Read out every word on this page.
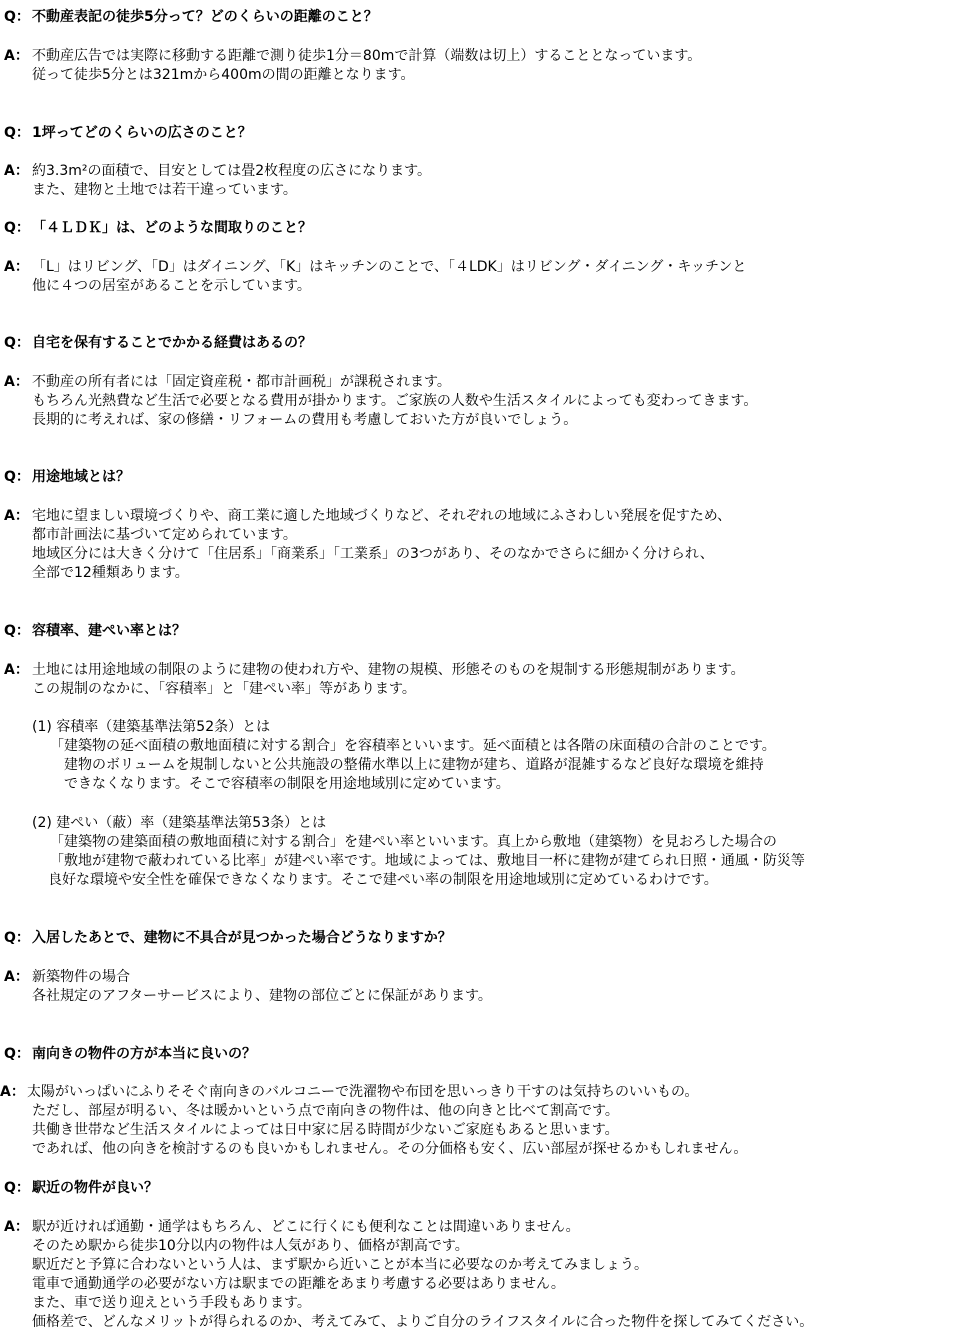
Q： 不動産表記の徒歩5分って？どのくらいの距離のこと？
A： 不動産広告では実際に移動する距離で測り徒歩1分＝80mで計算（端数は切上）することとなっています。
従って徒歩5分とは321mから400mの間の距離となります。
Q： 1坪ってどのくらいの広さのこと？
A： 約3.3m²の面積で、目安としては畳2枚程度の広さになります。
また、建物と土地では若干違っています。
Q： 「４ＬＤＫ」は、どのような間取りのこと？
A： 「L」はリビング、「D」はダイニング、「K」はキッチンのことで、「４LDK」はリビング・ダイニング・キッチンと
他に４つの居室があることを示しています。
Q： 自宅を保有することでかかる経費はあるの？
A： 不動産の所有者には「固定資産税・都市計画税」が課税されます。
もちろん光熱費など生活で必要となる費用が掛かります。ご家族の人数や生活スタイルによっても変わってきます。
長期的に考えれば、家の修繕・リフォームの費用も考慮しておいた方が良いでしょう。
Q： 用途地域とは？
A： 宅地に望ましい環境づくりや、商工業に適した地域づくりなど、それぞれの地域にふさわしい発展を促すため、
都市計画法に基づいて定められています。
地域区分には大きく分けて「住居系」「商業系」「工業系」の3つがあり、そのなかでさらに細かく分けられ、
全部で12種類あります。
Q： 容積率、建ぺい率とは？
A： 土地には用途地域の制限のように建物の使われ方や、建物の規模、形態そのものを規制する形態規制があります。
この規制のなかに、「容積率」と「建ぺい率」等があります。
(1) 容積率（建築基準法第52条）とは
「建築物の延べ面積の敷地面積に対する割合」を容積率といいます。延べ面積とは各階の床面積の合計のことです。
建物のボリュームを規制しないと公共施設の整備水準以上に建物が建ち、道路が混雑するなど良好な環境を維持
できなくなります。そこで容積率の制限を用途地域別に定めています。
(2) 建ぺい（蔽）率（建築基準法第53条）とは
「建築物の建築面積の敷地面積に対する割合」を建ぺい率といいます。真上から敷地（建築物）を見おろした場合の
「敷地が建物で蔽われている比率」が建ぺい率です。地域によっては、敷地目一杯に建物が建てられ日照・通風・防災等
良好な環境や安全性を確保できなくなります。そこで建ぺい率の制限を用途地域別に定めているわけです。
Q： 入居したあとで、建物に不具合が見つかった場合どうなりますか？
A： 新築物件の場合
各社規定のアフターサービスにより、建物の部位ごとに保証があります。
Q： 南向きの物件の方が本当に良いの？
A： 太陽がいっぱいにふりそそぐ南向きのバルコニーで洗濯物や布団を思いっきり干すのは気持ちのいいもの。
ただし、部屋が明るい、冬は暖かいという点で南向きの物件は、他の向きと比べて割高です。
共働き世帯など生活スタイルによっては日中家に居る時間が少ないご家庭もあると思います。
であれば、他の向きを検討するのも良いかもしれません。その分価格も安く、広い部屋が探せるかもしれません。
Q： 駅近の物件が良い？
A： 駅が近ければ通勤・通学はもちろん、どこに行くにも便利なことは間違いありません。
そのため駅から徒歩10分以内の物件は人気があり、価格が割高です。
駅近だと予算に合わないという人は、まず駅から近いことが本当に必要なのか考えてみましょう。
電車で通勤通学の必要がない方は駅までの距離をあまり考慮する必要はありません。
また、車で送り迎えという手段もあります。
価格差で、どんなメリットが得られるのか、考えてみて、よりご自分のライフスタイルに合った物件を探してみてください。
